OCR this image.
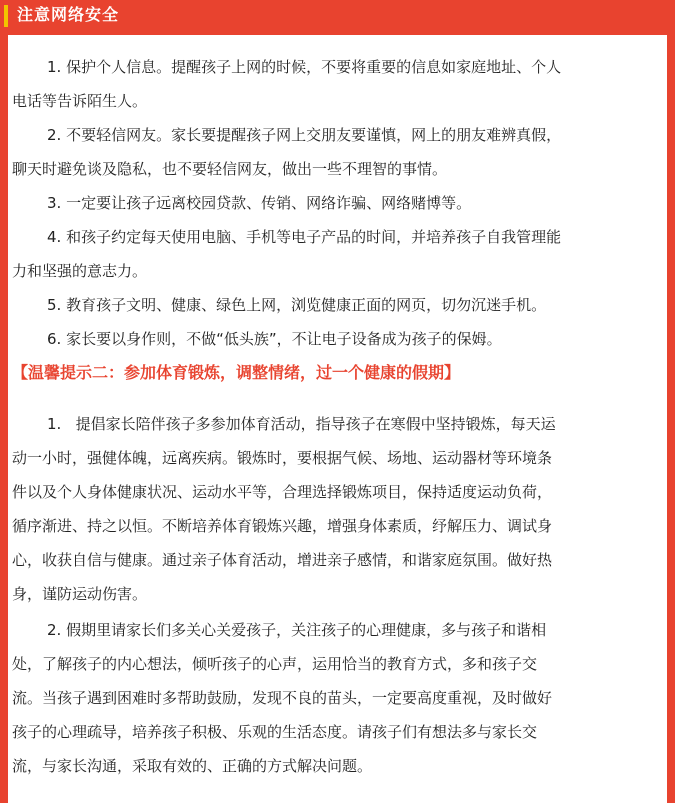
注意网络安全
1. 保护个人信息。提醒孩子上网的时候，不要将重要的信息如家庭地址、个人
电话等告诉陌生人。
2. 不要轻信网友。家长要提醒孩子网上交朋友要谨慎，网上的朋友难辨真假，
聊天时避免谈及隐私，也不要轻信网友，做出一些不理智的事情。
3. 一定要让孩子远离校园贷款、传销、网络诈骗、网络赌博等。
4. 和孩子约定每天使用电脑、手机等电子产品的时间，并培养孩子自我管理能
力和坚强的意志力。
5. 教育孩子文明、健康、绿色上网，浏览健康正面的网页，切勿沉迷手机。
6. 家长要以身作则，不做“低头族”，不让电子设备成为孩子的保姆。
【温馨提示二：参加体育锻炼，调整情绪，过一个健康的假期】
1.   提倡家长陪伴孩子多参加体育活动，指导孩子在寒假中坚持锻炼，每天运
动一小时，强健体魄，远离疾病。锻炼时，要根据气候、场地、运动器材等环境条
件以及个人身体健康状况、运动水平等，合理选择锻炼项目，保持适度运动负荷，
循序渐进、持之以恒。不断培养体育锻炼兴趣，增强身体素质，纾解压力、调试身
心，收获自信与健康。通过亲子体育活动，增进亲子感情，和谐家庭氛围。做好热
身，谨防运动伤害。
2. 假期里请家长们多关心关爱孩子，关注孩子的心理健康，多与孩子和谐相
处，了解孩子的内心想法，倾听孩子的心声，运用恰当的教育方式，多和孩子交
流。当孩子遇到困难时多帮助鼓励，发现不良的苗头，一定要高度重视，及时做好
孩子的心理疏导，培养孩子积极、乐观的生活态度。请孩子们有想法多与家长交
流，与家长沟通，采取有效的、正确的方式解决问题。
